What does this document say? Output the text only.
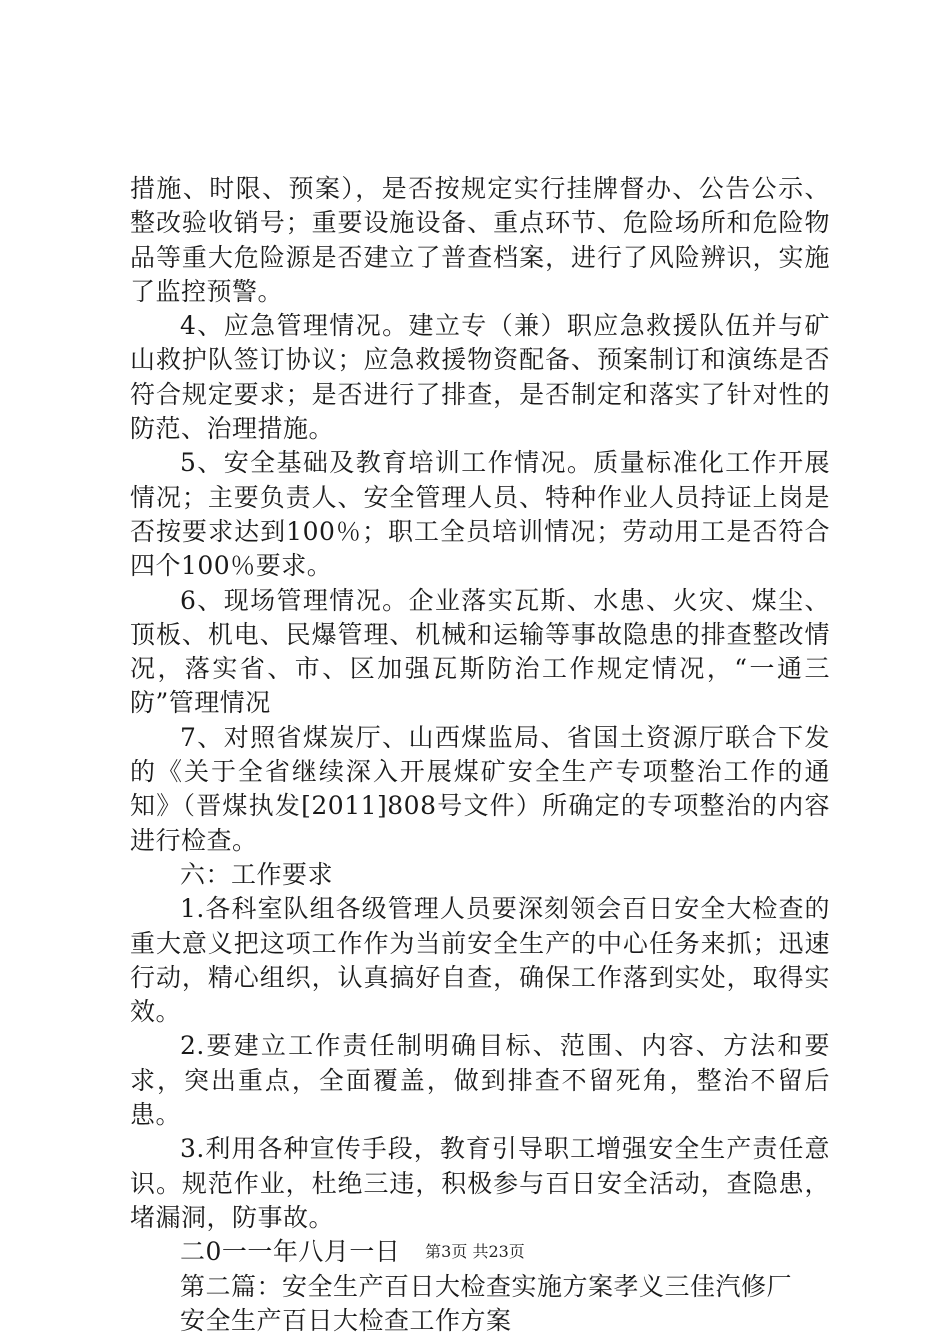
措施、时限、预案），是否按规定实行挂牌督办、公告公示、整改验收销号；重要设施设备、重点环节、危险场所和危险物品等重大危险源是否建立了普查档案，进行了风险辨识，实施了监控预警。

4、应急管理情况。建立专（兼）职应急救援队伍并与矿山救护队签订协议；应急救援物资配备、预案制订和演练是否符合规定要求；是否进行了排查，是否制定和落实了针对性的防范、治理措施。

5、安全基础及教育培训工作情况。质量标准化工作开展情况；主要负责人、安全管理人员、特种作业人员持证上岗是否按要求达到100％；职工全员培训情况；劳动用工是否符合四个100％要求。

6、现场管理情况。企业落实瓦斯、水患、火灾、煤尘、顶板、机电、民爆管理、机械和运输等事故隐患的排查整改情况，落实省、市、区加强瓦斯防治工作规定情况，“一通三防”管理情况

7、对照省煤炭厅、山西煤监局、省国土资源厅联合下发的《关于全省继续深入开展煤矿安全生产专项整治工作的通知》（晋煤执发[2011]808号文件）所确定的专项整治的内容进行检查。

六：工作要求

1.各科室队组各级管理人员要深刻领会百日安全大检查的重大意义把这项工作作为当前安全生产的中心任务来抓；迅速行动，精心组织，认真搞好自查，确保工作落到实处，取得实效。

2.要建立工作责任制明确目标、范围、内容、方法和要求，突出重点，全面覆盖，做到排查不留死角，整治不留后患。

3.利用各种宣传手段，教育引导职工增强安全生产责任意识。规范作业，杜绝三违，积极参与百日安全活动，查隐患，堵漏洞，防事故。

二0一一年八月一日

第二篇：安全生产百日大检查实施方案孝义三佳汽修厂

安全生产百日大检查工作方案

第3页 共23页
